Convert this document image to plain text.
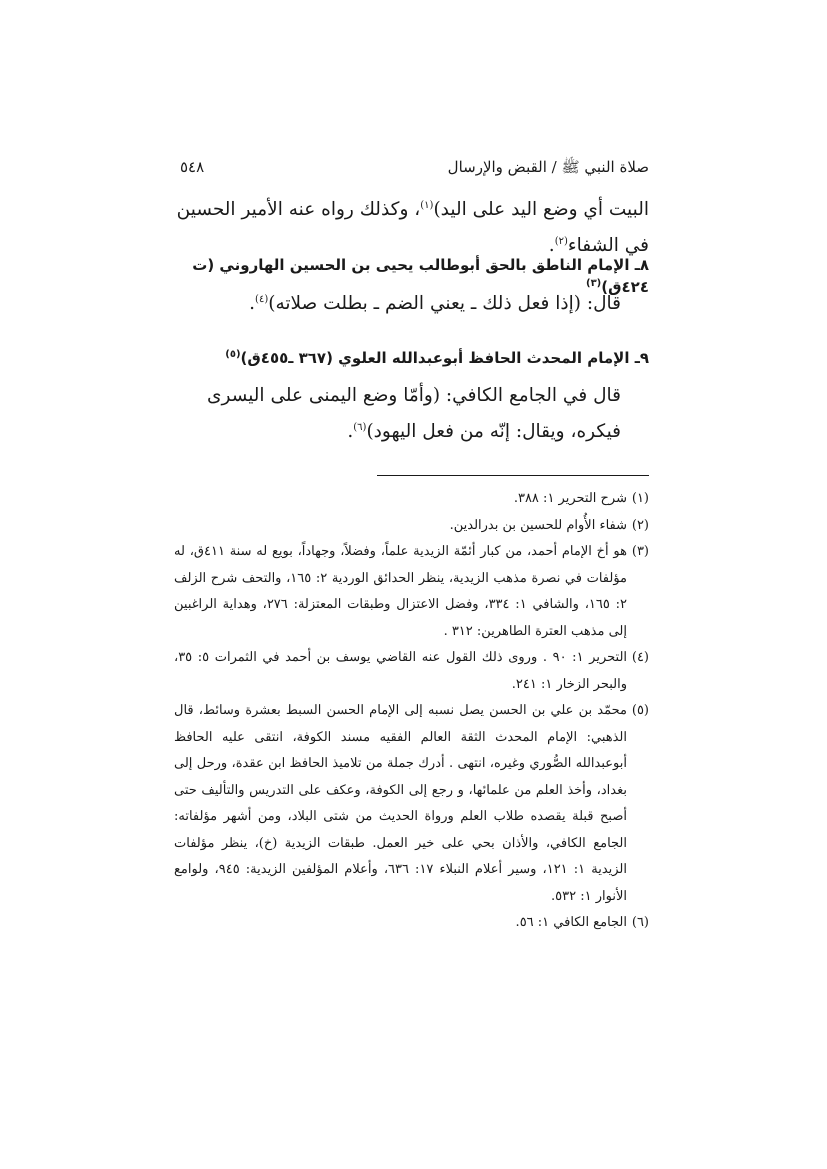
صلاة النبي ﷺ / القبض والإرسال
٥٤٨

البيت أي وضع اليد على اليد)$^{(١)}$، وكذلك رواه عنه الأمير الحسين في الشفاء$^{(٢)}$.

٨ـ الإمام الناطق بالحق أبوطالب يحيى بن الحسين الهاروني (ت ٤٢٤ق)$^{(٣)}$

قال: (إذا فعل ذلك ـ يعني الضم ـ بطلت صلاته)$^{(٤)}$.

٩ـ الإمام المحدث الحافظ أبوعبدالله العلوي (٣٦٧ ـ٤٥٥ق)$^{(٥)}$

قال في الجامع الكافي: (وأمّا وضع اليمنى على اليسرى فيكره، ويقال: إنّه من فعل اليهود)$^{(٦)}$.

(١)
شرح التحرير ١: ٣٨٨.

(٢)
شفاء الأُوام للحسين بن بدرالدين.

(٣)
هو أخ الإمام أحمد، من كبار أئمّة الزيدية علماً، وفضلاً، وجهاداً، بويع له سنة ٤١١ق، له مؤلفات في نصرة مذهب الزيدية، ينظر الحدائق الوردية ٢: ١٦٥، والتحف شرح الزلف ٢: ١٦٥، والشافي ١: ٣٣٤، وفضل الاعتزال وطبقات المعتزلة: ٢٧٦، وهداية الراغبين إلى مذهب العترة الطاهرين: ٣١٢ .

(٤)
التحرير ١: ٩٠ . وروى ذلك القول عنه القاضي يوسف بن أحمد في الثمرات ٥: ٣٥، والبحر الزخار ١: ٢٤١.

(٥)
محمّد بن علي بن الحسن يصل نسبه إلى الإمام الحسن السبط بعشرة وسائط، قال الذهبي: الإمام المحدث الثقة العالم الفقيه مسند الكوفة، انتقى عليه الحافظ أبوعبدالله الصُّوري وغيره، انتهى . أدرك جملة من تلاميذ الحافظ ابن عقدة، ورحل إلى بغداد، وأخذ العلم من علمائها، و رجع إلى الكوفة، وعكف على التدريس والتأليف حتى أصبح قبلة يقصده طلاب العلم ورواة الحديث من شتى البلاد، ومن أشهر مؤلفاته: الجامع الكافي، والأذان بحي على خير العمل. طبقات الزيدية (خ)، ينظر مؤلفات الزيدية ١: ١٢١، وسير أعلام النبلاء ١٧: ٦٣٦، وأعلام المؤلفين الزيدية: ٩٤٥، ولوامع الأنوار ١: ٥٣٢.

(٦)
الجامع الكافي ١: ٥٦.
